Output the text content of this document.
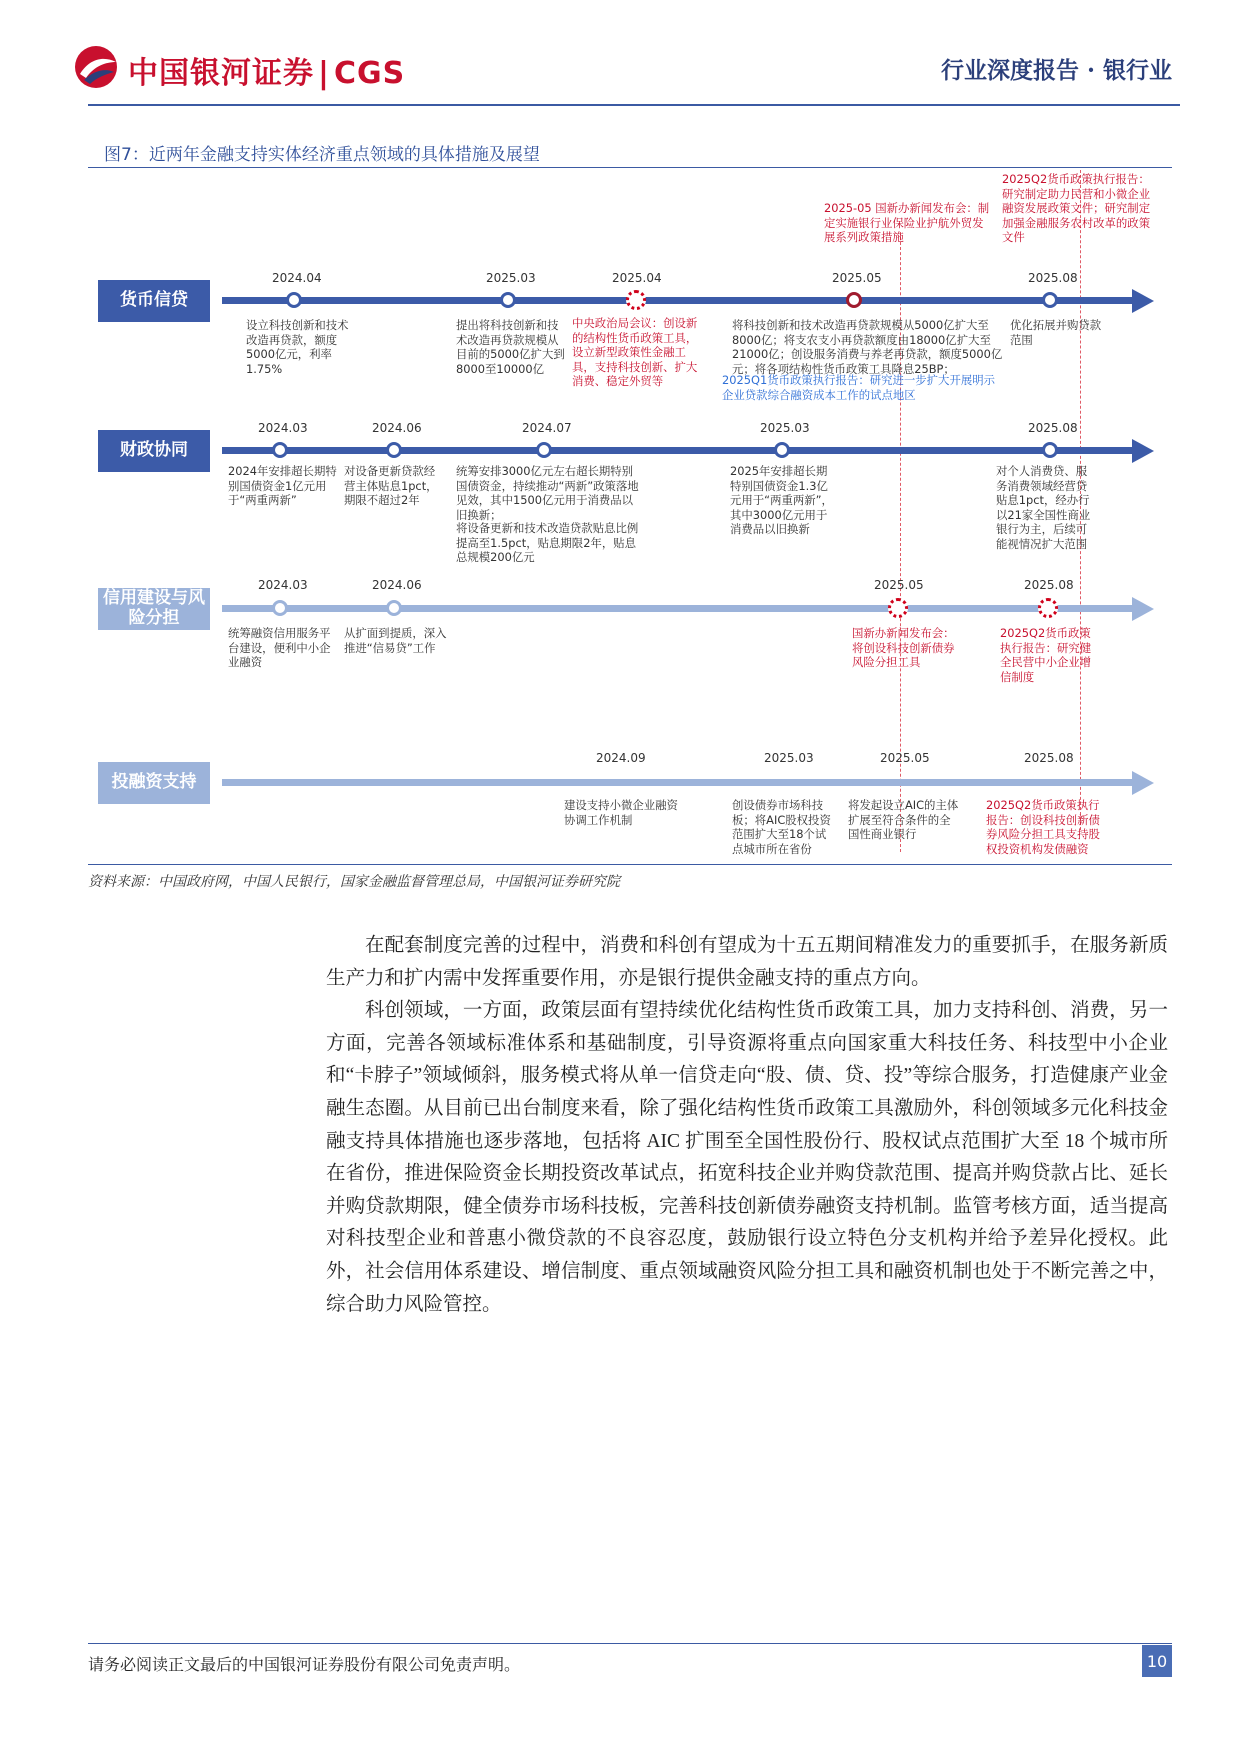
中国银河证券 | CGS	行业深度报告 · 银行业
图7：近两年金融支持实体经济重点领域的具体措施及展望
货币信贷
2024.04	2025.03	2025.04	2025.05	2025.08
设立科技创新和技术改造再贷款，额度5000亿元，利率1.75%
提出将科技创新和技术改造再贷款规模从目前的5000亿扩大到8000至10000亿
中央政治局会议：创设新的结构性货币政策工具，设立新型政策性金融工具，支持科技创新、扩大消费、稳定外贸等
将科技创新和技术改造再贷款规模从5000亿扩大至8000亿；将支农支小再贷款额度由18000亿扩大至21000亿；创设服务消费与养老再贷款，额度5000亿元；将各项结构性货币政策工具降息25BP；
2025Q1货币政策执行报告：研究进一步扩大开展明示企业贷款综合融资成本工作的试点地区
优化拓展并购贷款范围
2025-05 国新办新闻发布会：制定实施银行业保险业护航外贸发展系列政策措施
2025Q2货币政策执行报告：研究制定助力民营和小微企业融资发展政策文件；研究制定加强金融服务农村改革的政策文件
财政协同
2024.03	2024.06	2024.07	2025.03	2025.08
2024年安排超长期特别国债资金1亿元用于“两重两新”
对设备更新贷款经营主体贴息1pct，期限不超过2年
统筹安排3000亿元左右超长期特别国债资金，持续推动“两新”政策落地见效，其中1500亿元用于消费品以旧换新；
将设备更新和技术改造贷款贴息比例提高至1.5pct，贴息期限2年，贴息总规模200亿元
2025年安排超长期特别国债资金1.3亿元用于“两重两新”，其中3000亿元用于消费品以旧换新
对个人消费贷、服务消费领域经营贷贴息1pct，经办行以21家全国性商业银行为主，后续可能视情况扩大范围
信用建设与风险分担
2024.03	2024.06	2025.05	2025.08
统筹融资信用服务平台建设，便利中小企业融资
从扩面到提质，深入推进“信易贷”工作
国新办新闻发布会：将创设科技创新债券风险分担工具
2025Q2货币政策执行报告：研究健全民营中小企业增信制度
投融资支持
2024.09	2025.03	2025.05	2025.08
建设支持小微企业融资协调工作机制
创设债券市场科技板；将AIC股权投资范围扩大至18个试点城市所在省份
将发起设立AIC的主体扩展至符合条件的全国性商业银行
2025Q2货币政策执行报告：创设科技创新债券风险分担工具支持股权投资机构发债融资
资料来源：中国政府网，中国人民银行，国家金融监督管理总局，中国银河证券研究院

在配套制度完善的过程中，消费和科创有望成为十五五期间精准发力的重要抓手，在服务新质生产力和扩内需中发挥重要作用，亦是银行提供金融支持的重点方向。

科创领域，一方面，政策层面有望持续优化结构性货币政策工具，加力支持科创、消费，另一方面，完善各领域标准体系和基础制度，引导资源将重点向国家重大科技任务、科技型中小企业和“卡脖子”领域倾斜，服务模式将从单一信贷走向“股、债、贷、投”等综合服务，打造健康产业金融生态圈。从目前已出台制度来看，除了强化结构性货币政策工具激励外，科创领域多元化科技金融支持具体措施也逐步落地，包括将 AIC 扩围至全国性股份行、股权试点范围扩大至 18 个城市所在省份，推进保险资金长期投资改革试点，拓宽科技企业并购贷款范围、提高并购贷款占比、延长并购贷款期限，健全债券市场科技板，完善科技创新债券融资支持机制。监管考核方面，适当提高对科技型企业和普惠小微贷款的不良容忍度，鼓励银行设立特色分支机构并给予差异化授权。此外，社会信用体系建设、增信制度、重点领域融资风险分担工具和融资机制也处于不断完善之中，综合助力风险管控。

请务必阅读正文最后的中国银河证券股份有限公司免责声明。	10
